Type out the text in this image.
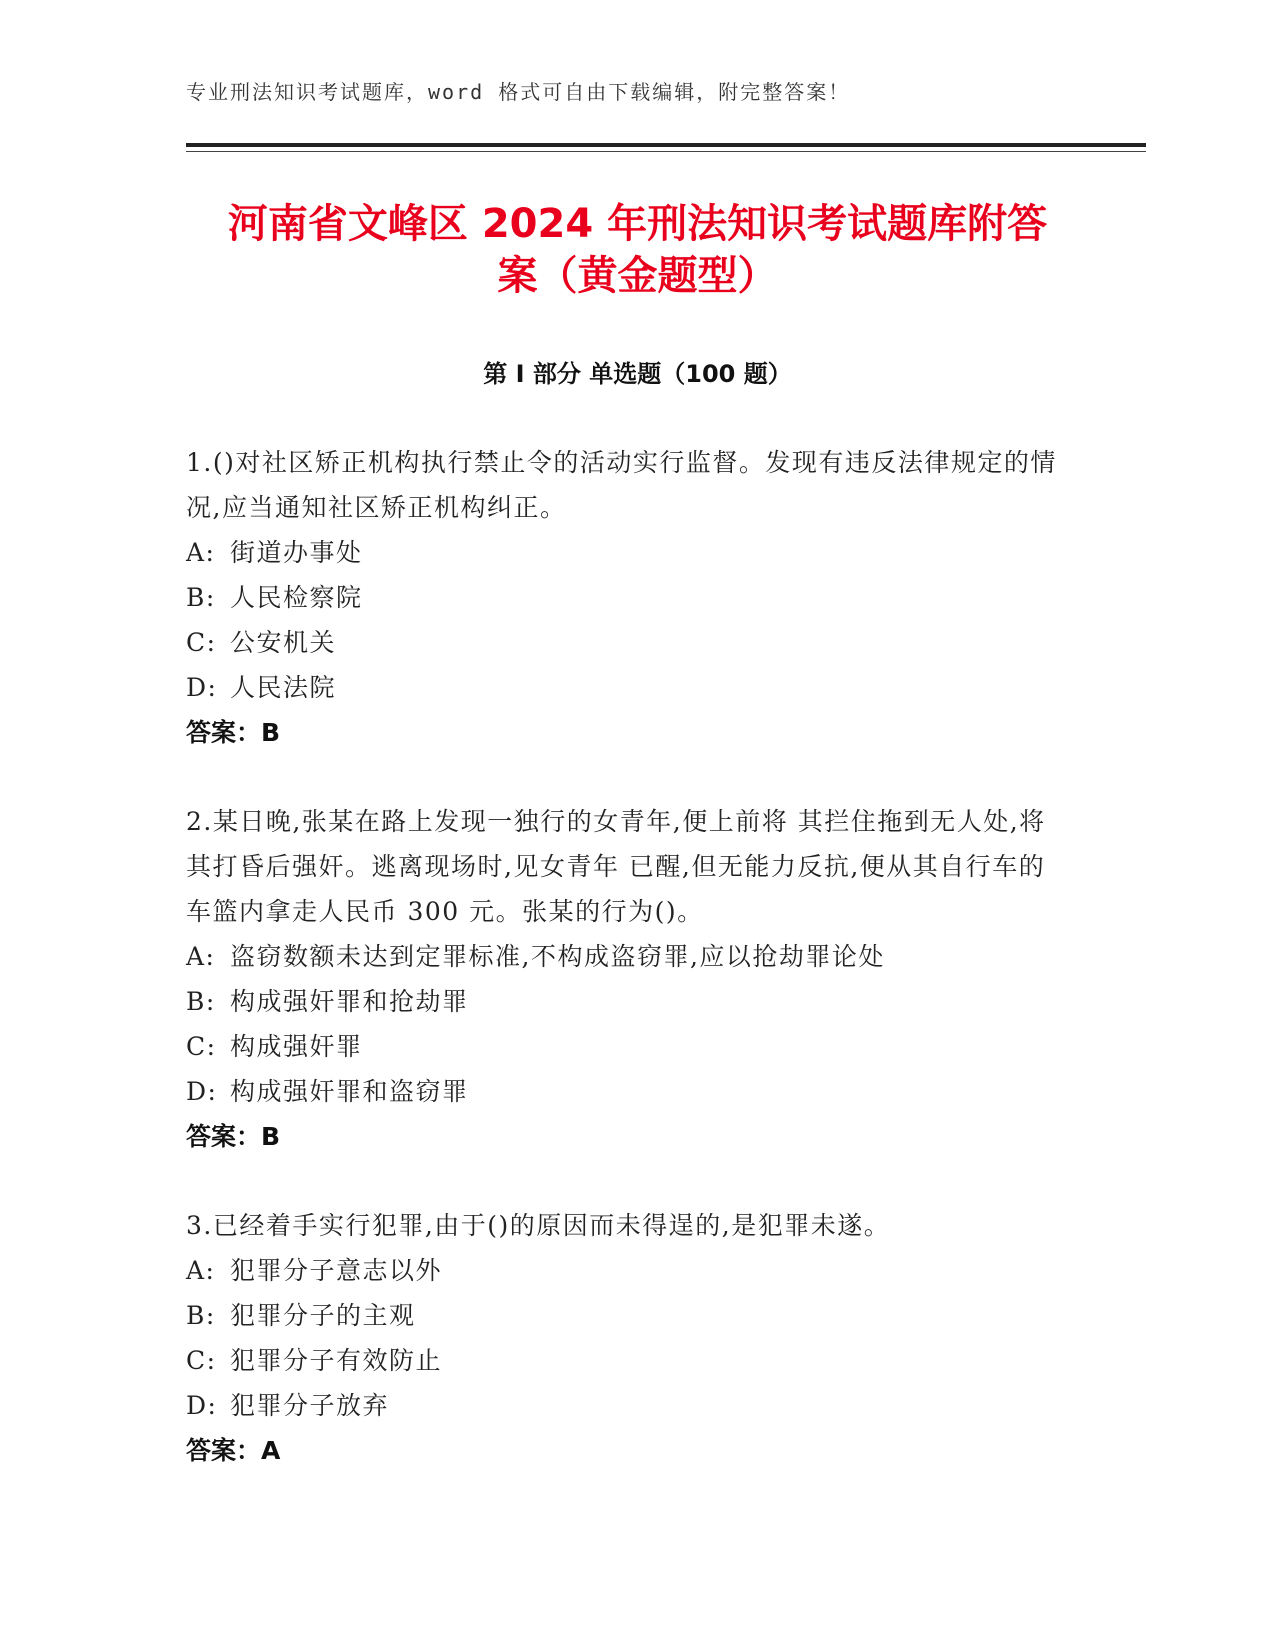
专业刑法知识考试题库，word 格式可自由下载编辑，附完整答案！
河南省文峰区 2024 年刑法知识考试题库附答
案（黄金题型）
第 I 部分 单选题（100 题）

1.()对社区矫正机构执行禁止令的活动实行监督。发现有违反法律规定的情况,应当通知社区矫正机构纠正。

A: 街道办事处
B: 人民检察院
C: 公安机关
D: 人民法院
答案：B

2.某日晚,张某在路上发现一独行的女青年,便上前将 其拦住拖到无人处,将其打昏后强奸。逃离现场时,见女青年 已醒,但无能力反抗,便从其自行车的车篮内拿走人民币 300 元。张某的行为()。

A: 盗窃数额未达到定罪标准,不构成盗窃罪,应以抢劫罪论处
B: 构成强奸罪和抢劫罪
C: 构成强奸罪
D: 构成强奸罪和盗窃罪
答案：B

3.已经着手实行犯罪,由于()的原因而未得逞的,是犯罪未遂。

A: 犯罪分子意志以外
B: 犯罪分子的主观
C: 犯罪分子有效防止
D: 犯罪分子放弃
答案：A
